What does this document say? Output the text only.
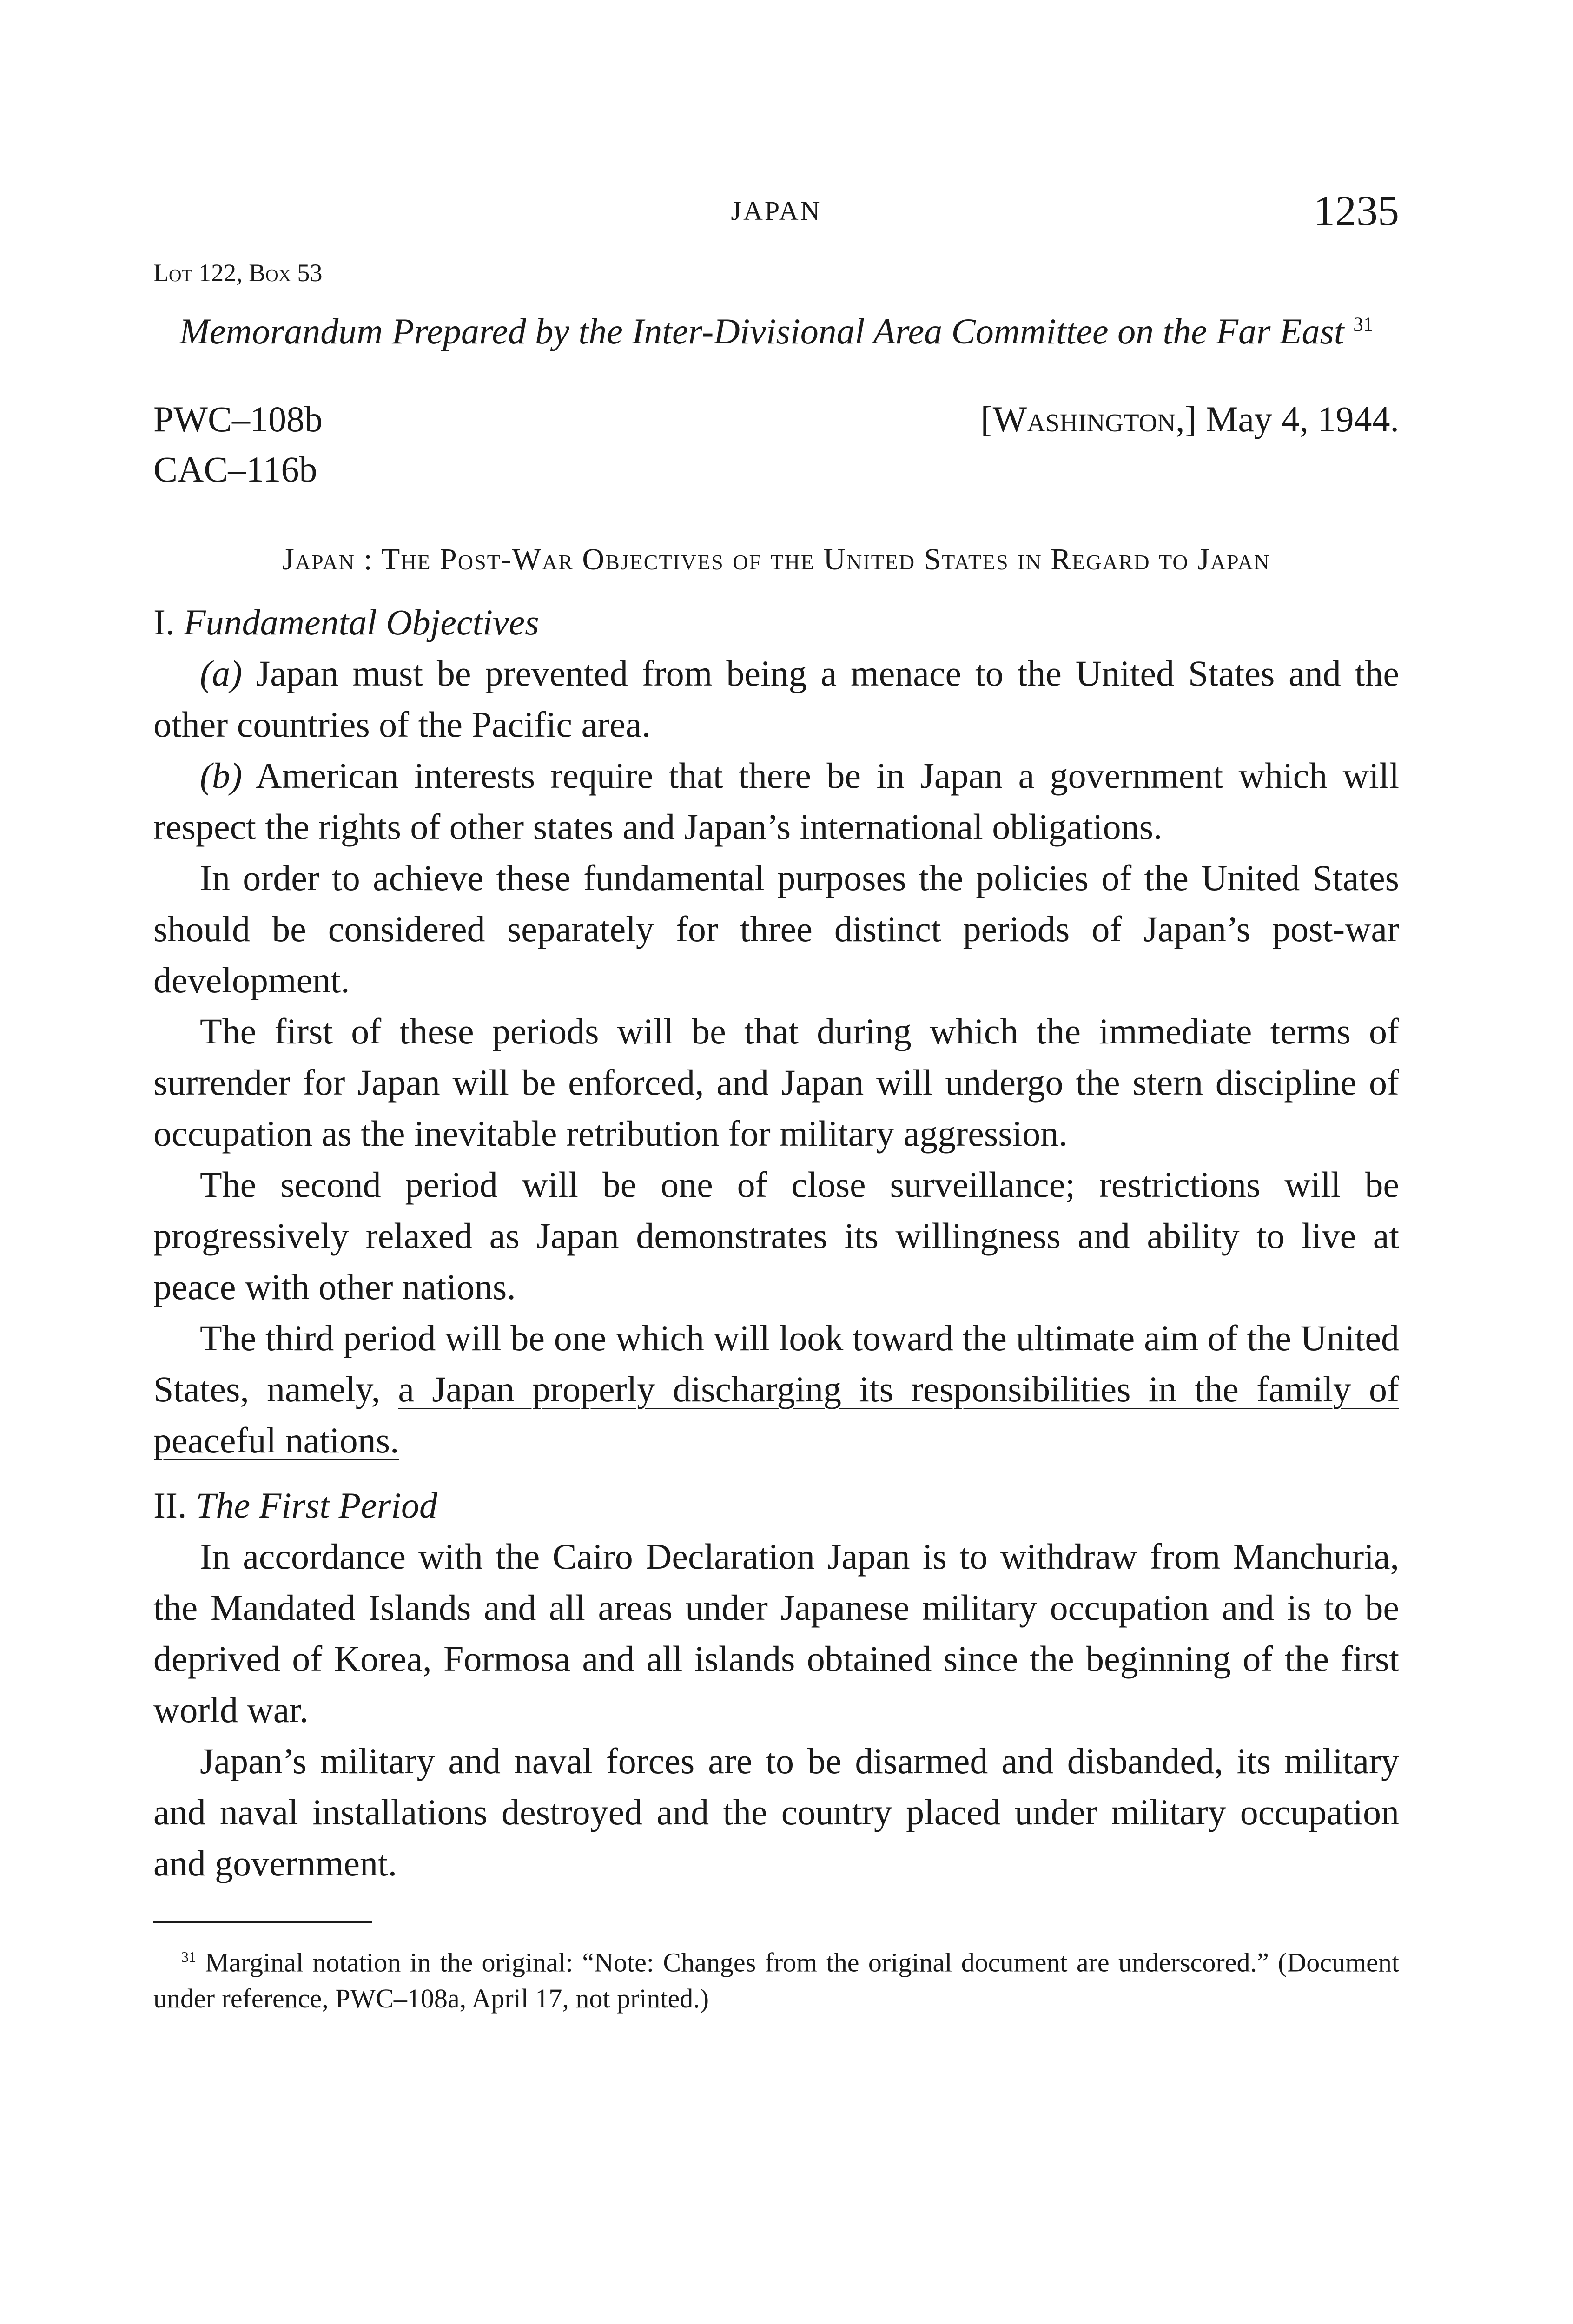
JAPAN	1235
Lot 122, Box 53
Memorandum Prepared by the Inter-Divisional Area Committee on the Far East $^{31}$
PWC–108b
CAC–116b
[Washington,] May 4, 1944.
Japan : The Post-War Objectives of the United States in Regard to Japan
I. Fundamental Objectives

(a) Japan must be prevented from being a menace to the United States and the other countries of the Pacific area.

(b) American interests require that there be in Japan a government which will respect the rights of other states and Japan’s international obligations.

In order to achieve these fundamental purposes the policies of the United States should be considered separately for three distinct periods of Japan’s post-war development.

The first of these periods will be that during which the immediate terms of surrender for Japan will be enforced, and Japan will undergo the stern discipline of occupation as the inevitable retribution for military aggression.

The second period will be one of close surveillance; restrictions will be progressively relaxed as Japan demonstrates its willingness and ability to live at peace with other nations.

The third period will be one which will look toward the ultimate aim of the United States, namely, a Japan properly discharging its responsibilities in the family of peaceful nations.

II. The First Period

In accordance with the Cairo Declaration Japan is to withdraw from Manchuria, the Mandated Islands and all areas under Japanese military occupation and is to be deprived of Korea, Formosa and all islands obtained since the beginning of the first world war.

Japan’s military and naval forces are to be disarmed and disbanded, its military and naval installations destroyed and the country placed under military occupation and government.

$^{31}$ Marginal notation in the original: “Note: Changes from the original document are underscored.” (Document under reference, PWC–108a, April 17, not printed.)
